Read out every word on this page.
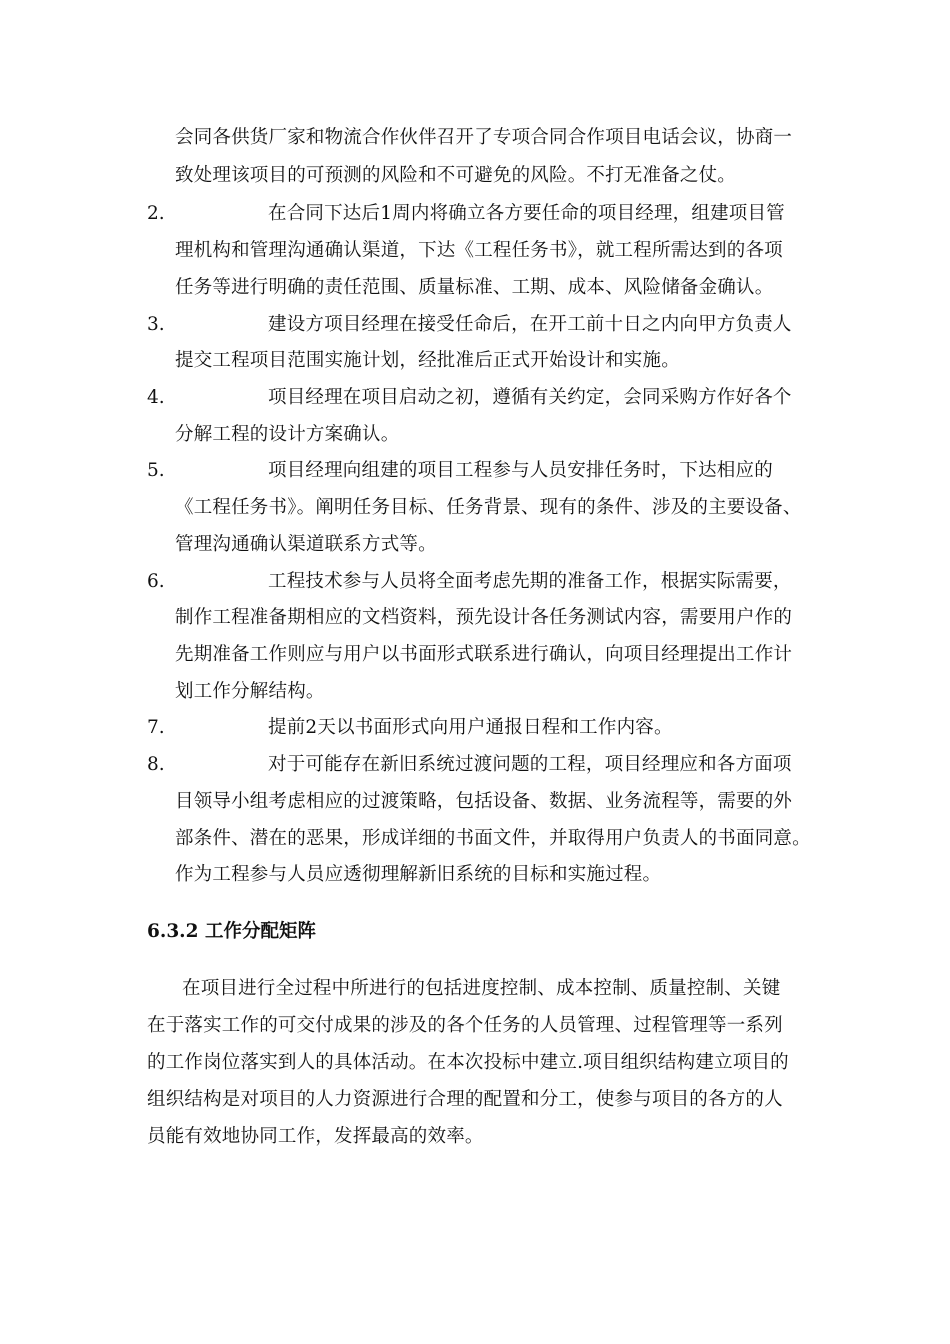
会同各供货厂家和物流合作伙伴召开了专项合同合作项目电话会议，协商一
致处理该项目的可预测的风险和不可避免的风险。不打无准备之仗。
2.	在合同下达后1周内将确立各方要任命的项目经理，组建项目管
理机构和管理沟通确认渠道，下达《工程任务书》，就工程所需达到的各项
任务等进行明确的责任范围、质量标准、工期、成本、风险储备金确认。
3.	建设方项目经理在接受任命后，在开工前十日之内向甲方负责人
提交工程项目范围实施计划，经批准后正式开始设计和实施。
4.	项目经理在项目启动之初，遵循有关约定，会同采购方作好各个
分解工程的设计方案确认。
5.	项目经理向组建的项目工程参与人员安排任务时，下达相应的
《工程任务书》。阐明任务目标、任务背景、现有的条件、涉及的主要设备、
管理沟通确认渠道联系方式等。
6.	工程技术参与人员将全面考虑先期的准备工作，根据实际需要，
制作工程准备期相应的文档资料，预先设计各任务测试内容，需要用户作的
先期准备工作则应与用户以书面形式联系进行确认，向项目经理提出工作计
划工作分解结构。
7.	提前2天以书面形式向用户通报日程和工作内容。
8.	对于可能存在新旧系统过渡问题的工程，项目经理应和各方面项
目领导小组考虑相应的过渡策略，包括设备、数据、业务流程等，需要的外
部条件、潜在的恶果，形成详细的书面文件，并取得用户负责人的书面同意。
作为工程参与人员应透彻理解新旧系统的目标和实施过程。
6.3.2 工作分配矩阵
在项目进行全过程中所进行的包括进度控制、成本控制、质量控制、关键
在于落实工作的可交付成果的涉及的各个任务的人员管理、过程管理等一系列
的工作岗位落实到人的具体活动。在本次投标中建立.项目组织结构建立项目的
组织结构是对项目的人力资源进行合理的配置和分工，使参与项目的各方的人
员能有效地协同工作，发挥最高的效率。
